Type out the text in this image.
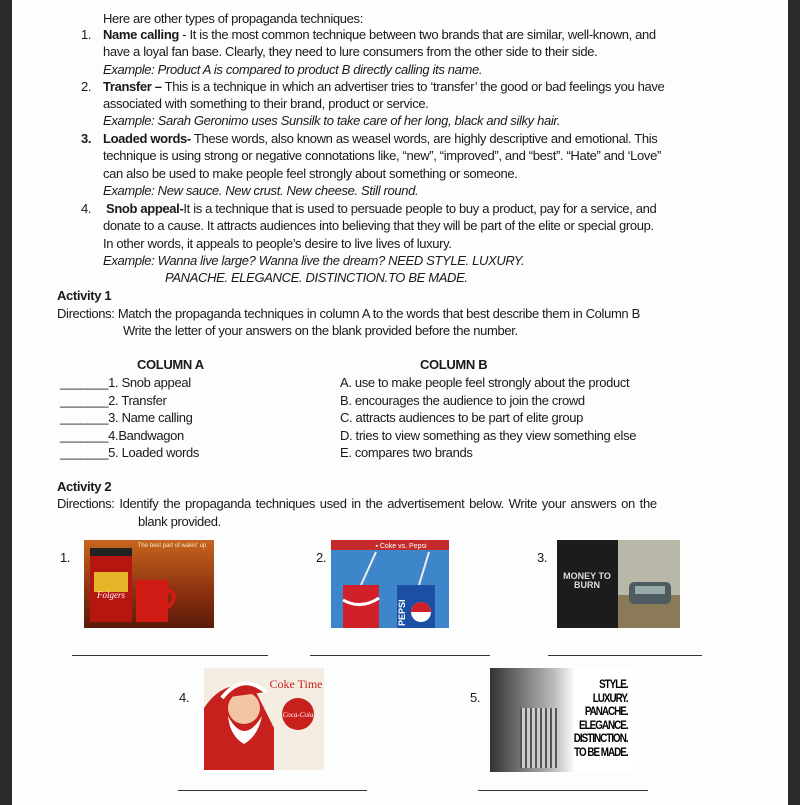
Here are other types of propaganda techniques:
1. Name calling - It is the most common technique between two brands that are similar, well-known, and
have a loyal fan base. Clearly, they need to lure consumers from the other side to their side.
Example: Product A is compared to product B directly calling its name.
2. Transfer – This is a technique in which an advertiser tries to ‘transfer’ the good or bad feelings you have
associated with something to their brand, product or service.
Example: Sarah Geronimo uses Sunsilk to take care of her long, black and silky hair.
3. Loaded words- These words, also known as weasel words, are highly descriptive and emotional. This
technique is using strong or negative connotations like, “new”, “improved”, and “best”. “Hate” and ‘Love”
can also be used to make people feel strongly about something or someone.
Example: New sauce. New crust. New cheese. Still round.
4. Snob appeal-It is a technique that is used to persuade people to buy a product, pay for a service, and
donate to a cause. It attracts audiences into believing that they will be part of the elite or special group.
In other words, it appeals to people’s desire to live lives of luxury.
Example: Wanna live large? Wanna live the dream? NEED STYLE. LUXURY.
PANACHE. ELEGANCE. DISTINCTION.TO BE MADE.
Activity 1
Directions: Match the propaganda techniques in column A to the words that best describe them in Column B
Write the letter of your answers on the blank provided before the number.
COLUMN A	COLUMN B
_______1. Snob appeal	A. use to make people feel strongly about the product
_______2. Transfer	B. encourages the audience to join the crowd
_______3. Name calling	C. attracts audiences to be part of elite group
_______4.Bandwagon	D. tries to view something as they view something else
_______5. Loaded words	E. compares two brands
Activity 2
Directions: Identify the propaganda techniques used in the advertisement below. Write your answers on the
blank provided.
1.
Folgers
The best part of wakin' up
2.
▪ Coke vs. Pepsi
PEPSI
3.
MONEY TO BURN
4.
Coke Time
Coca-Cola
5.
STYLE.
LUXURY.
PANACHE.
ELEGANCE.
DISTINCTION.
TO BE MADE.
